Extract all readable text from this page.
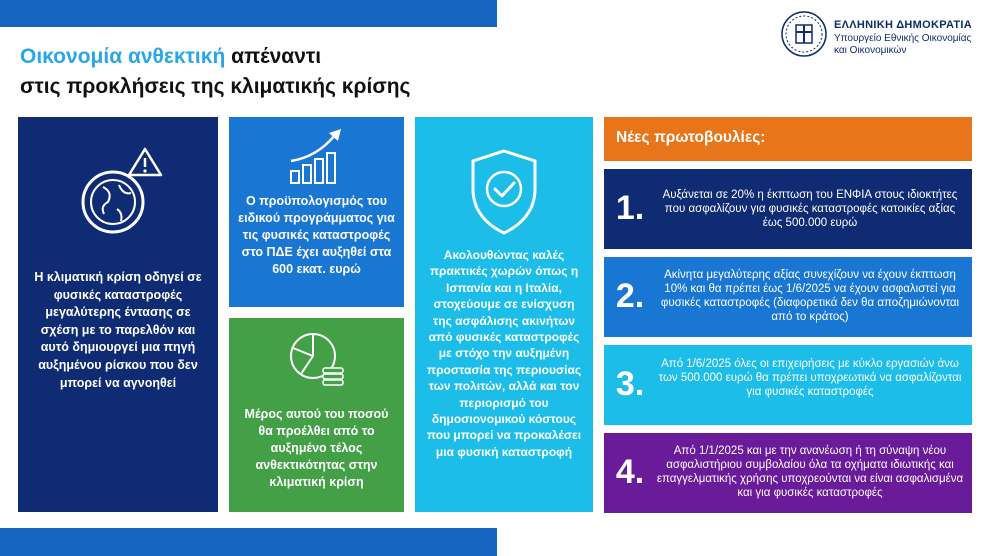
Οικονομία ανθεκτική απέναντι
στις προκλήσεις της κλιματικής κρίσης
ΕΛΛΗΝΙΚΗ ΔΗΜΟΚΡΑΤΙΑ
Υπουργείο Εθνικής Οικονομίας
και Οικονομικών
Η κλιματική κρίση οδηγεί σε φυσικές καταστροφές μεγαλύτερης έντασης σε σχέση με το παρελθόν και αυτό δημιουργεί μια πηγή αυξημένου ρίσκου που δεν μπορεί να αγνοηθεί
Ο προϋπολογισμός του ειδικού προγράμματος για τις φυσικές καταστροφές στο ΠΔΕ έχει αυξηθεί στα 600 εκατ. ευρώ
Μέρος αυτού του ποσού θα προέλθει από το αυξημένο τέλος ανθεκτικότητας στην κλιματική κρίση
Ακολουθώντας καλές πρακτικές χωρών όπως η Ισπανία και η Ιταλία, στοχεύουμε σε ενίσχυση της ασφάλισης ακινήτων από φυσικές καταστροφές με στόχο την αυξημένη προστασία της περιουσίας των πολιτών, αλλά και τον περιορισμό του δημοσιονομικού κόστους που μπορεί να προκαλέσει μια φυσική καταστροφή
Νέες πρωτοβουλίες:
1.	Αυξάνεται σε 20% η έκπτωση του ΕΝΦΙΑ στους ιδιοκτήτες που ασφαλίζουν για φυσικές καταστροφές κατοικίες αξίας έως 500.000 ευρώ
2.
Ακίνητα μεγαλύτερης αξίας συνεχίζουν να έχουν έκπτωση 10% και θα πρέπει έως 1/6/2025 να έχουν ασφαλιστεί για φυσικές καταστροφές (διαφορετικά δεν θα αποζημιώνονται από το κράτος)
3.
Από 1/6/2025 όλες οι επιχειρήσεις με κύκλο εργασιών άνω των 500.000 ευρώ θα πρέπει υποχρεωτικά να ασφαλίζονται για φυσικές καταστροφές
4.
Από 1/1/2025 και με την ανανέωση ή τη σύναψη νέου ασφαλιστήριου συμβολαίου όλα τα οχήματα ιδιωτικής και επαγγελματικής χρήσης υποχρεούνται να είναι ασφαλισμένα και για φυσικές καταστροφές
